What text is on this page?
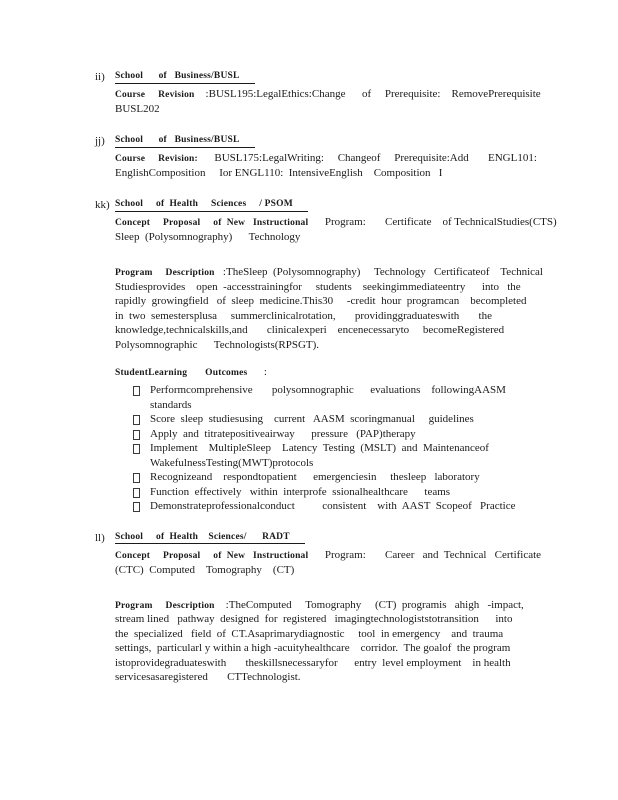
ii)	School      of   Business/BUSL
Course     Revision    :BUSL195:LegalEthics:Change      of     Prerequisite:    RemovePrerequisite
BUSL202
jj)	School      of   Business/BUSL
Course     Revision:      BUSL175:LegalWriting:     Changeof     Prerequisite:Add       ENGL101:
EnglishComposition     Ior ENGL110:  IntensiveEnglish    Composition   I
kk) School     of  Health     Sciences     / PSOM
Concept     Proposal     of  New   Instructional      Program:       Certificate    of TechnicalStudies(CTS)
Sleep  (Polysomnography)      Technology
Program     Description   :TheSleep  (Polysomnography)     Technology   Certificateof    Technical
Studiesprovides    open  -accesstrainingfor     students    seekingimmediateentry      into   the
rapidly  growingfield   of  sleep  medicine.This30     -credit  hour  programcan    becompleted
in  two  semestersplusa     summerclinicalrotation,       providinggraduateswith       the
knowledge,technicalskills,and       clinicalexperi    encenecessaryto     becomeRegistered
Polysomnographic      Technologists(RPSGT).
StudentLearning       Outcomes      :
Performcomprehensive       polysomnographic      evaluations    followingAASM
standards
Score  sleep  studiesusing    current   AASM  scoringmanual     guidelines
Apply  and  titratepositiveairway      pressure   (PAP)therapy
Implement    MultipleSleep    Latency  Testing  (MSLT)  and  Maintenanceof
WakefulnessTesting(MWT)protocols
Recognizeand    respondtopatient      emergenciesin     thesleep   laboratory
Function  effectively   within  interprofe  ssionalhealthcare      teams
Demonstrateprofessionalconduct          consistent    with  AAST  Scopeof   Practice
ll)	School     of  Health    Sciences/      RADT
Concept     Proposal     of  New   Instructional      Program:       Career   and  Technical   Certificate
(CTC)  Computed    Tomography    (CT)
Program     Description    :TheComputed     Tomography     (CT)  programis   ahigh   -impact,
stream lined   pathway  designed  for  registered   imagingtechnologiststotransition      into
the  specialized   field  of  CT.Asaprimarydiagnostic     tool  in emergency    and  trauma
settings,  particularl y within a high -acuityhealthcare    corridor.  The goalof  the program
istoprovidegraduateswith       theskillsnecessaryfor      entry  level employment    in health
servicesasaregistered       CTTechnologist.
